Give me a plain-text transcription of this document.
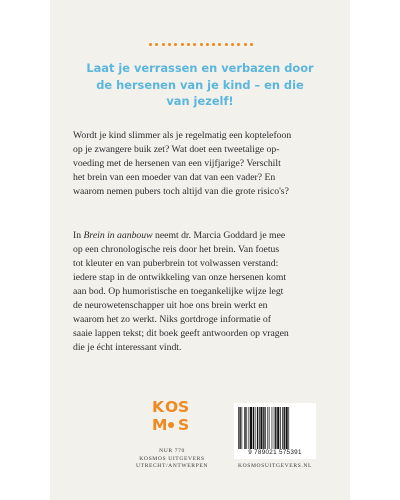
Laat je verrassen en verbazen door
de hersenen van je kind – en die
van jezelf!

Wordt je kind slimmer als je regelmatig een koptelefoon
op je zwangere buik zet? Wat doet een tweetalige op-
voeding met de hersenen van een vijfjarige? Verschilt
het brein van een moeder van dat van een vader? En
waarom nemen pubers toch altijd van die grote risico's?

In Brein in aanbouw neemt dr. Marcia Goddard je mee
op een chronologische reis door het brein. Van foetus
tot kleuter en van puberbrein tot volwassen verstand:
iedere stap in de ontwikkeling van onze hersenen komt
aan bod. Op humoristische en toegankelijke wijze legt
de neurowetenschapper uit hoe ons brein werkt en
waarom het zo werkt. Niks gortdroge informatie of
saaie lappen tekst; dit boek geeft antwoorden op vragen
die je écht interessant vindt.

K O
S
M S
NUR 770
KOSMOS UITGEVERS
UTRECHT/ANTWERPEN
9 789021 575391
KOSMOSUITGEVERS.NL
